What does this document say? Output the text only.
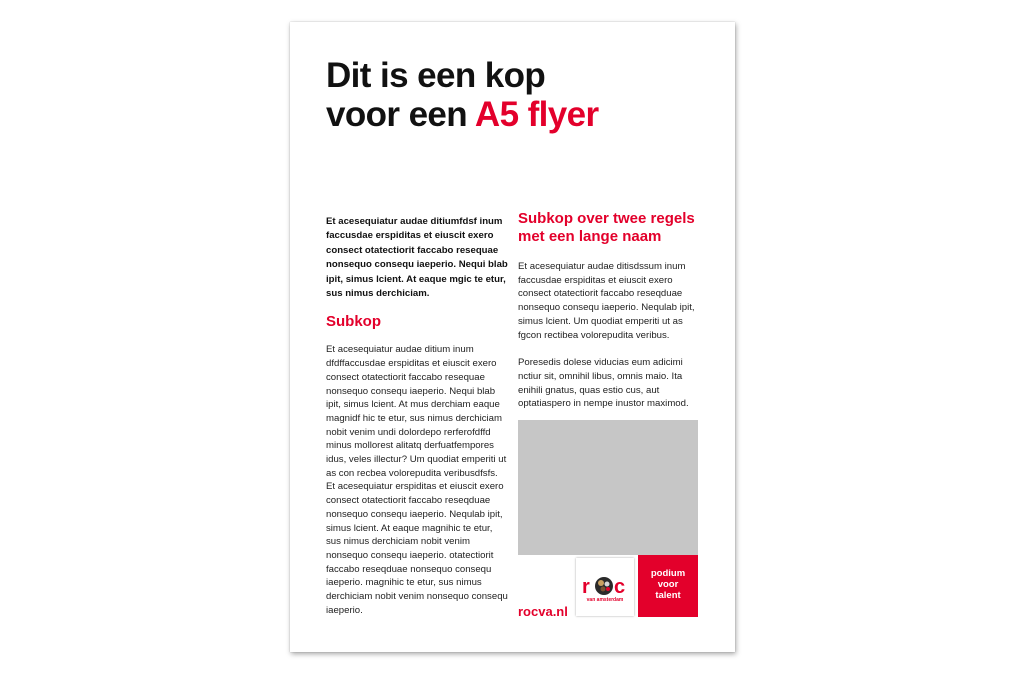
Dit is een kop
voor een A5 flyer

Et acesequiatur audae ditiumfdsf inum faccusdae erspiditas et eiuscit exero consect otatectiorit faccabo resequae nonsequo consequ iaeperio. Nequi blab ipit, simus lcient. At eaque mgic te etur, sus nimus derchiciam.

Subkop

Et acesequiatur audae ditium inum dfdffaccusdae erspiditas et eiuscit exero consect otatectiorit faccabo resequae nonsequo consequ iaeperio. Nequi blab ipit, simus lcient. At mus derchiam eaque magnidf hic te etur, sus nimus derchiciam nobit venim undi dolordepo rerferofdffd minus mollorest alitatq derfuatfempores idus, veles illectur? Um quodiat emperiti ut as con recbea volorepudita veribusdfsfs. Et acesequiatur erspiditas et eiuscit exero consect otatectiorit faccabo reseqduae nonsequo consequ iaeperio. Nequlab ipit, simus lcient. At eaque magnihic te etur, sus nimus derchiciam nobit venim nonsequo consequ iaeperio. otatectiorit faccabo reseqduae nonsequo consequ iaeperio. magnihic te etur, sus nimus derchiciam nobit venim nonsequo consequ iaeperio.

Subkop over twee regels met een lange naam

Et acesequiatur audae ditisdssum inum faccusdae erspiditas et eiuscit exero consect otatectiorit faccabo reseqduae nonsequo consequ iaeperio. Nequlab ipit, simus lcient. Um quodiat emperiti ut as fgcon rectibea volorepudita veribus.

Poresedis dolese viducias eum adicimi nctiur sit, omnihil libus, omnis maio. Ita enihili gnatus, quas estio cus, aut optatiaspero in nempe inustor maximod.

rocva.nl
r c
van amsterdam
podium
voor
talent
